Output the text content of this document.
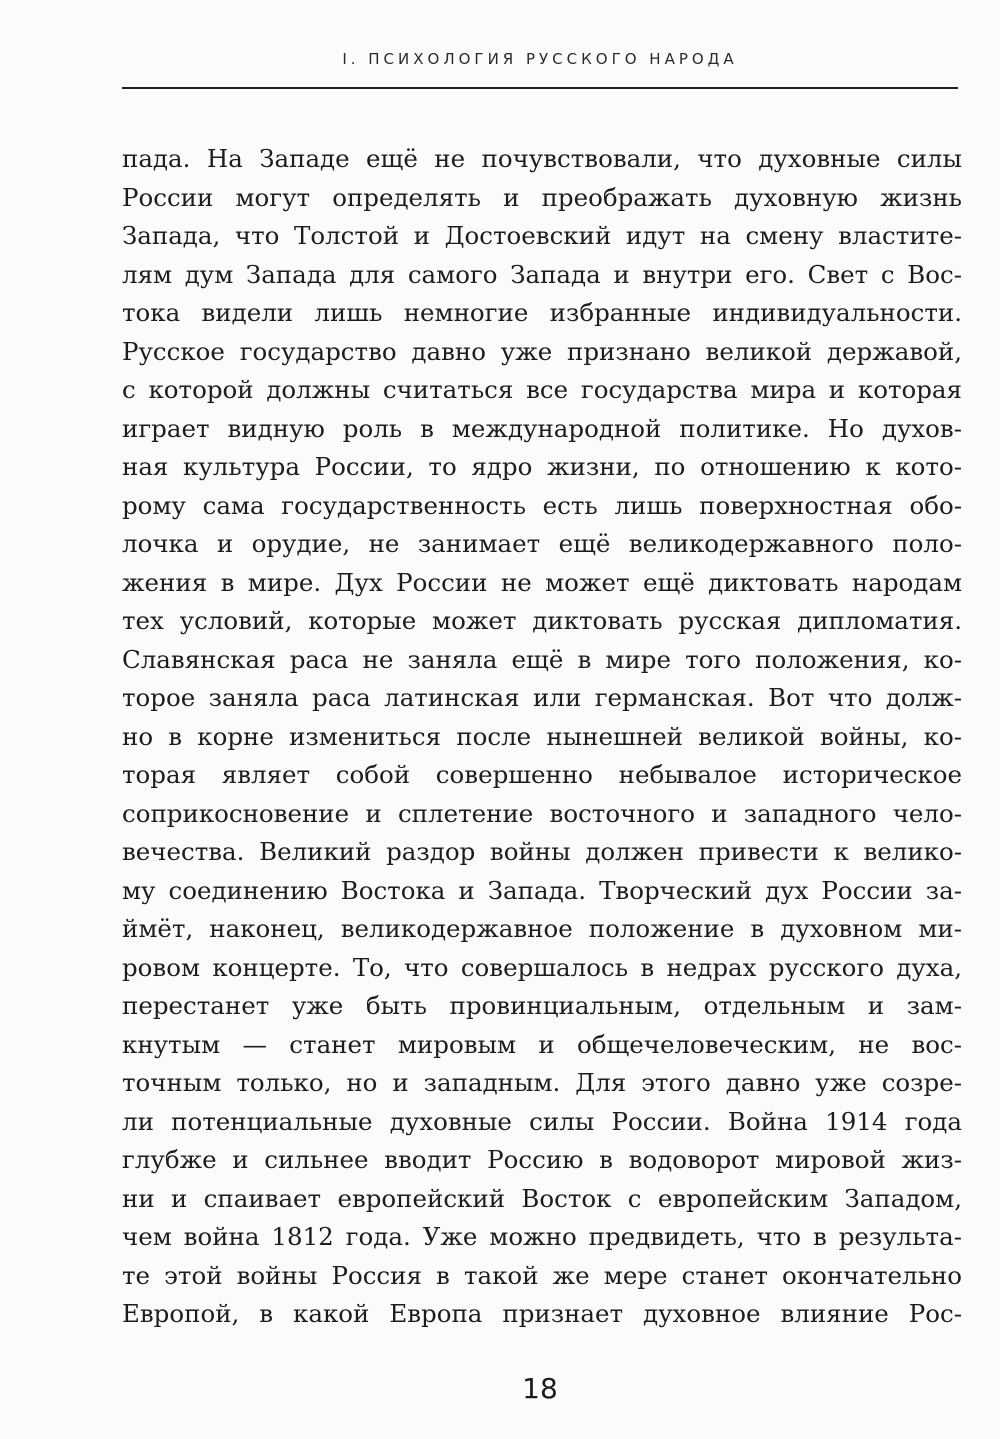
I. ПСИХОЛОГИЯ РУССКОГО НАРОДА
пада. На Западе ещё не почувствовали, что духовные силы
России могут определять и преображать духовную жизнь
Запада, что Толстой и Достоевский идут на смену властите-
лям дум Запада для самого Запада и внутри его. Свет с Вос-
тока видели лишь немногие избранные индивидуальности.
Русское государство давно уже признано великой державой,
с которой должны считаться все государства мира и которая
играет видную роль в международной политике. Но духов-
ная культура России, то ядро жизни, по отношению к кото-
рому сама государственность есть лишь поверхностная обо-
лочка и орудие, не занимает ещё великодержавного поло-
жения в мире. Дух России не может ещё диктовать народам
тех условий, которые может диктовать русская дипломатия.
Славянская раса не заняла ещё в мире того положения, ко-
торое заняла раса латинская или германская. Вот что долж-
но в корне измениться после нынешней великой войны, ко-
торая являет собой совершенно небывалое историческое
соприкосновение и сплетение восточного и западного чело-
вечества. Великий раздор войны должен привести к велико-
му соединению Востока и Запада. Творческий дух России за-
ймёт, наконец, великодержавное положение в духовном ми-
ровом концерте. То, что совершалось в недрах русского духа,
перестанет уже быть провинциальным, отдельным и зам-
кнутым — станет мировым и общечеловеческим, не вос-
точным только, но и западным. Для этого давно уже созре-
ли потенциальные духовные силы России. Война 1914 года
глубже и сильнее вводит Россию в водоворот мировой жиз-
ни и спаивает европейский Восток с европейским Западом,
чем война 1812 года. Уже можно предвидеть, что в результа-
те этой войны Россия в такой же мере станет окончательно
Европой, в какой Европа признает духовное влияние Рос-
18
